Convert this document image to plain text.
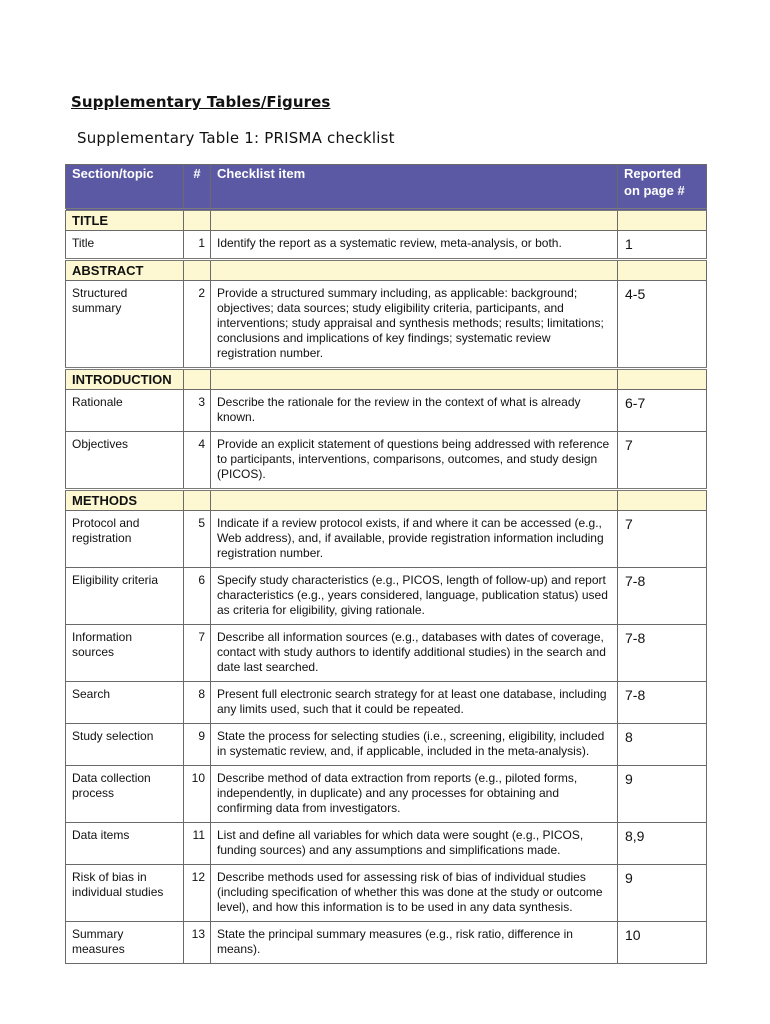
Supplementary Tables/Figures
Supplementary Table 1: PRISMA checklist
Section/topic	#	Checklist item	Reported on page #

TITLE			

Title	1	Identify the report as a systematic review, meta-analysis, or both.	1

ABSTRACT			

Structured summary	2	Provide a structured summary including, as applicable: background; objectives; data sources; study eligibility criteria, participants, and interventions; study appraisal and synthesis methods; results; limitations; conclusions and implications of key findings; systematic review registration number.	4-5

INTRODUCTION			

Rationale	3	Describe the rationale for the review in the context of what is already known.	6-7

Objectives	4	Provide an explicit statement of questions being addressed with reference to participants, interventions, comparisons, outcomes, and study design (PICOS).	7

METHODS			

Protocol and registration	5	Indicate if a review protocol exists, if and where it can be accessed (e.g., Web address), and, if available, provide registration information including registration number.	7

Eligibility criteria	6	Specify study characteristics (e.g., PICOS, length of follow-up) and report characteristics (e.g., years considered, language, publication status) used as criteria for eligibility, giving rationale.	7-8

Information sources	7	Describe all information sources (e.g., databases with dates of coverage, contact with study authors to identify additional studies) in the search and date last searched.	7-8

Search	8	Present full electronic search strategy for at least one database, including any limits used, such that it could be repeated.	7-8

Study selection	9	State the process for selecting studies (i.e., screening, eligibility, included in systematic review, and, if applicable, included in the meta-analysis).	8

Data collection process	10	Describe method of data extraction from reports (e.g., piloted forms, independently, in duplicate) and any processes for obtaining and confirming data from investigators.	9

Data items	11	List and define all variables for which data were sought (e.g., PICOS, funding sources) and any assumptions and simplifications made.	8,9

Risk of bias in individual studies	12	Describe methods used for assessing risk of bias of individual studies (including specification of whether this was done at the study or outcome level), and how this information is to be used in any data synthesis.	9

Summary measures	13	State the principal summary measures (e.g., risk ratio, difference in means).	10
